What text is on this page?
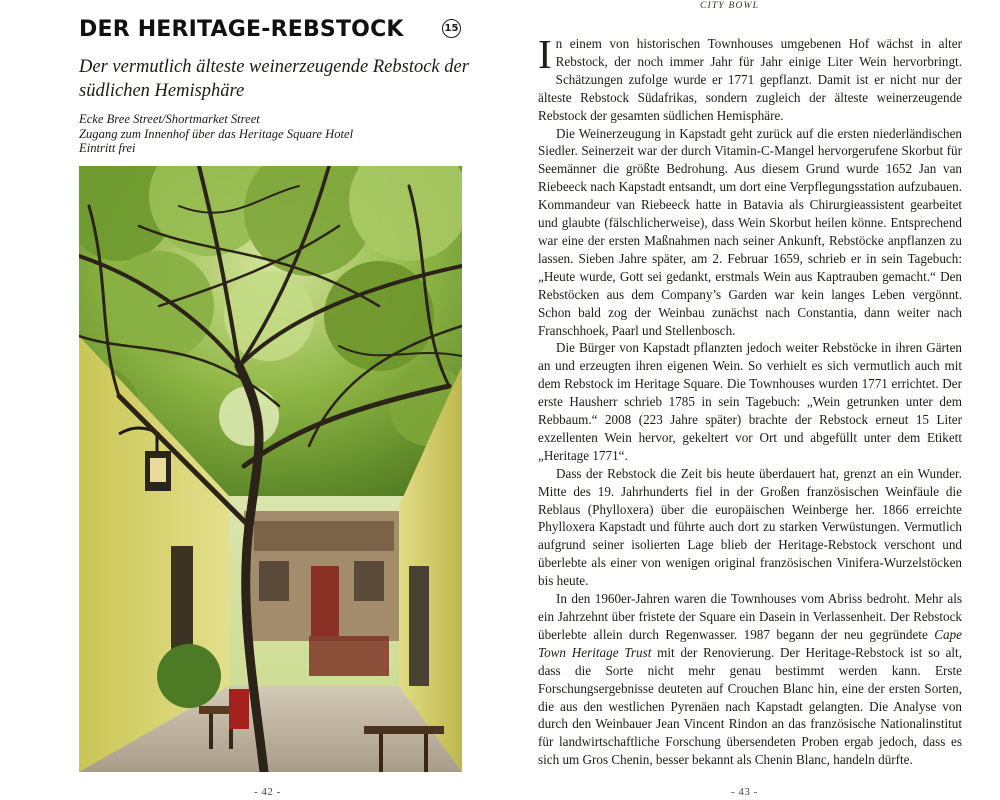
DER HERITAGE-REBSTOCK	15
Der vermutlich älteste weinerzeugende Rebstock der südlichen Hemisphäre
Ecke Bree Street/Shortmarket Street
Zugang zum Innenhof über das Heritage Square Hotel
Eintritt frei
- 42 -
CITY BOWL

In einem von historischen Townhouses umgebenen Hof wächst in alter Rebstock, der noch immer Jahr für Jahr einige Liter Wein hervorbringt. Schätzungen zufolge wurde er 1771 gepflanzt. Damit ist er nicht nur der älteste Rebstock Südafrikas, sondern zugleich der älteste weinerzeugende Rebstock der gesamten südlichen Hemisphäre.

Die Weinerzeugung in Kapstadt geht zurück auf die ersten niederländischen Siedler. Seinerzeit war der durch Vitamin-C-Mangel hervorgerufene Skorbut für Seemänner die größte Bedrohung. Aus diesem Grund wurde 1652 Jan van Riebeeck nach Kapstadt entsandt, um dort eine Verpflegungsstation aufzubauen. Kommandeur van Riebeeck hatte in Batavia als Chirurgieassistent gearbeitet und glaubte (fälschlicherweise), dass Wein Skorbut heilen könne. Entsprechend war eine der ersten Maßnahmen nach seiner Ankunft, Rebstöcke anpflanzen zu lassen. Sieben Jahre später, am 2. Februar 1659, schrieb er in sein Tagebuch: „Heute wurde, Gott sei gedankt, erstmals Wein aus Kaptrauben gemacht.“ Den Rebstöcken aus dem Company’s Garden war kein langes Leben vergönnt. Schon bald zog der Weinbau zunächst nach Constantia, dann weiter nach Franschhoek, Paarl und Stellenbosch.

Die Bürger von Kapstadt pflanzten jedoch weiter Rebstöcke in ihren Gärten an und erzeugten ihren eigenen Wein. So verhielt es sich vermutlich auch mit dem Rebstock im Heritage Square. Die Townhouses wurden 1771 errichtet. Der erste Hausherr schrieb 1785 in sein Tagebuch: „Wein getrunken unter dem Rebbaum.“ 2008 (223 Jahre später) brachte der Rebstock erneut 15 Liter exzellenten Wein hervor, gekeltert vor Ort und abgefüllt unter dem Etikett „Heritage 1771“.

Dass der Rebstock die Zeit bis heute überdauert hat, grenzt an ein Wunder. Mitte des 19. Jahrhunderts fiel in der Großen französischen Weinfäule die Reblaus (Phylloxera) über die europäischen Weinberge her. 1866 erreichte Phylloxera Kapstadt und führte auch dort zu starken Verwüstungen. Vermutlich aufgrund seiner isolierten Lage blieb der Heritage-Rebstock verschont und überlebte als einer von wenigen original französischen Vinifera-Wurzelstöcken bis heute.

In den 1960er-Jahren waren die Townhouses vom Abriss bedroht. Mehr als ein Jahrzehnt über fristete der Square ein Dasein in Verlassenheit. Der Rebstock überlebte allein durch Regenwasser. 1987 begann der neu gegründete Cape Town Heritage Trust mit der Renovierung. Der Heritage-Rebstock ist so alt, dass die Sorte nicht mehr genau bestimmt werden kann. Erste Forschungsergebnisse deuteten auf Crouchen Blanc hin, eine der ersten Sorten, die aus den westlichen Pyrenäen nach Kapstadt gelangten. Die Analyse von durch den Weinbauer Jean Vincent Rindon an das französische Nationalinstitut für landwirtschaftliche Forschung übersendeten Proben ergab jedoch, dass es sich um Gros Chenin, besser bekannt als Chenin Blanc, handeln dürfte.

- 43 -
